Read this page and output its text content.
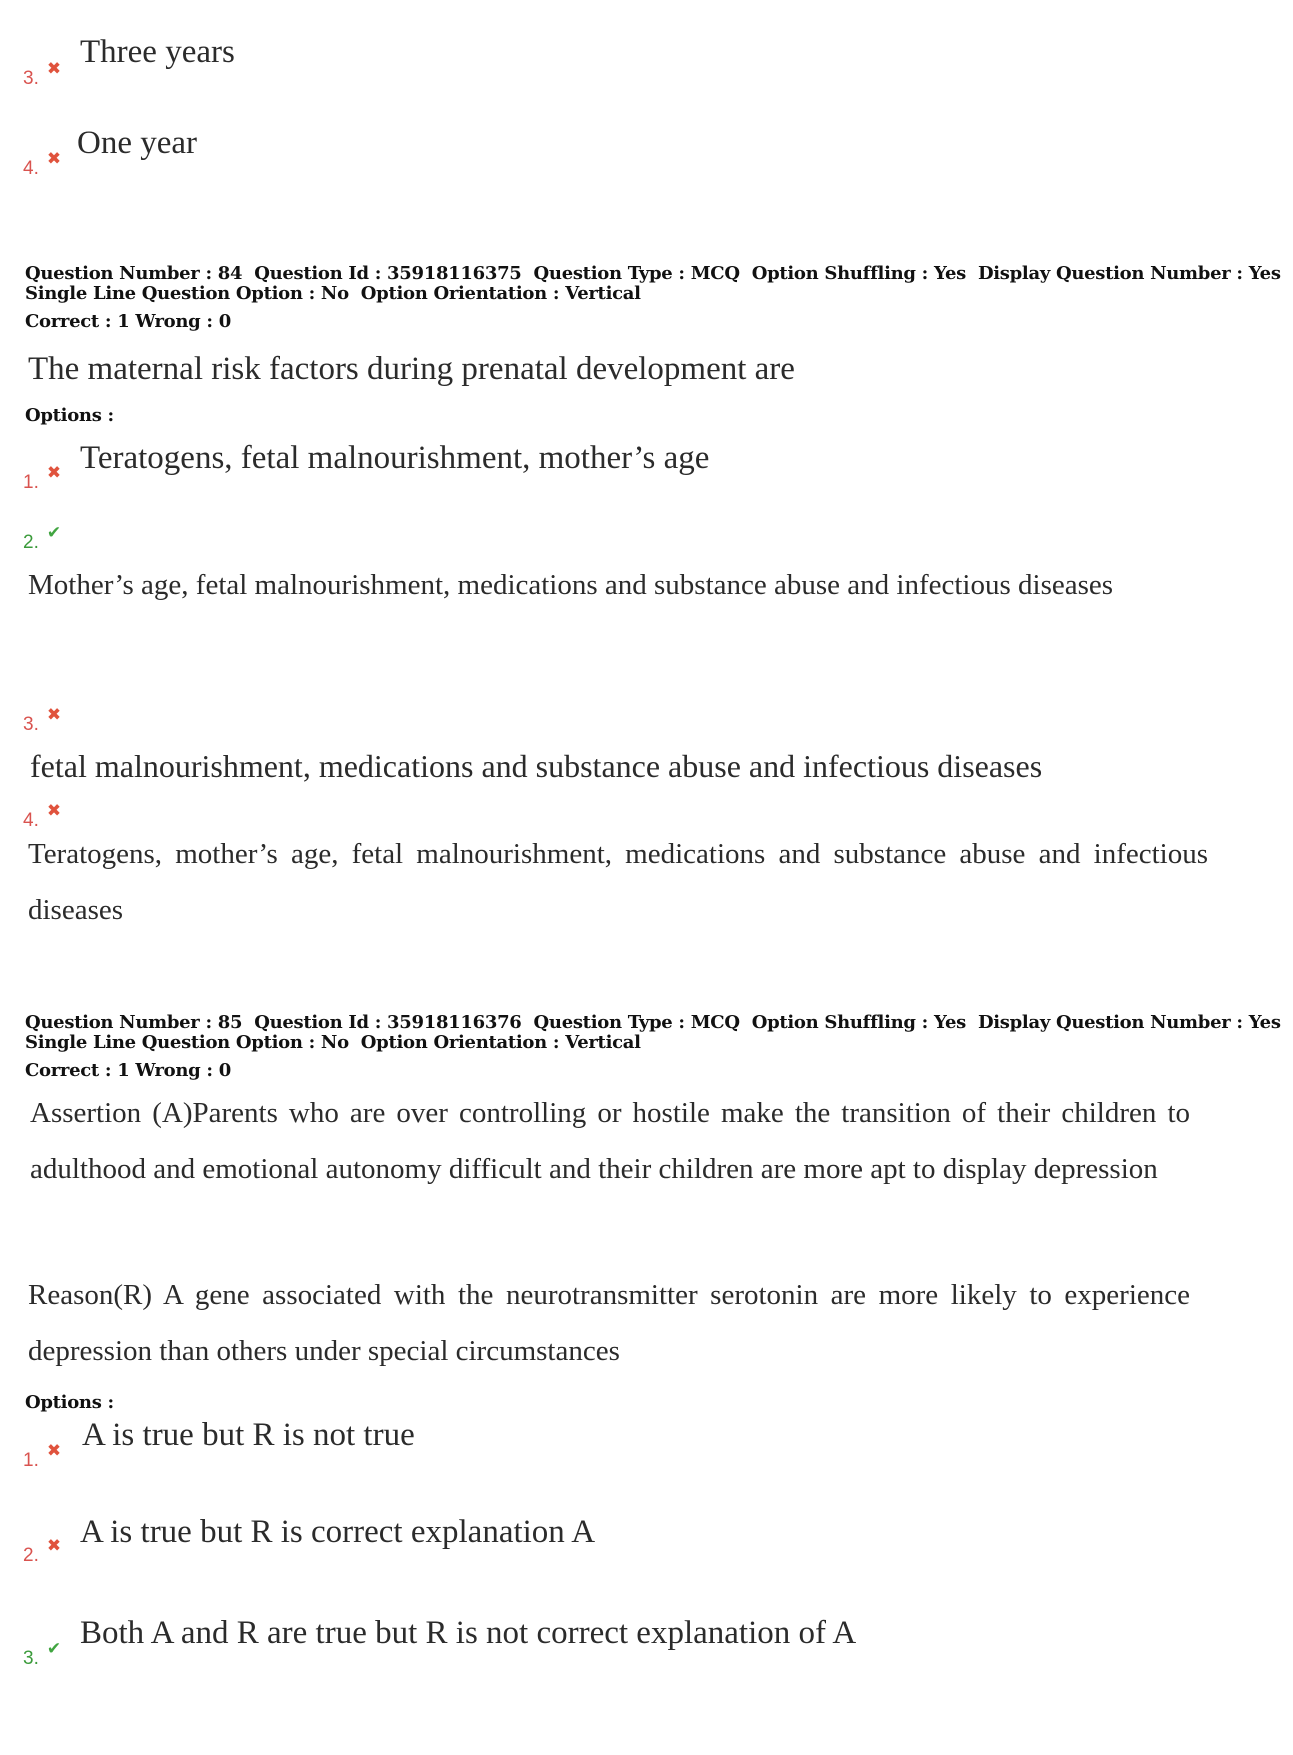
3. ✖ Three years
4. ✖ One year
Question Number : 84 Question Id : 35918116375 Question Type : MCQ Option Shuffling : Yes Display Question Number : Yes
Single Line Question Option : No Option Orientation : Vertical
Correct : 1 Wrong : 0
The maternal risk factors during prenatal development are
Options :
1. ✖ Teratogens, fetal malnourishment, mother’s age
2. ✔
Mother’s age, fetal malnourishment, medications and substance abuse and infectious diseases
3. ✖
fetal malnourishment, medications and substance abuse and infectious diseases
4. ✖
Teratogens, mother’s age, fetal malnourishment, medications and substance abuse and infectious diseases
Question Number : 85 Question Id : 35918116376 Question Type : MCQ Option Shuffling : Yes Display Question Number : Yes
Single Line Question Option : No Option Orientation : Vertical
Correct : 1 Wrong : 0
Assertion (A)Parents who are over controlling or hostile make the transition of their children to adulthood and emotional autonomy difficult and their children are more apt to display depression
Reason(R) A gene associated with the neurotransmitter serotonin are more likely to experience depression than others under special circumstances
Options :
1. ✖ A is true but R is not true
2. ✖ A is true but R is correct explanation A
3. ✔ Both A and R are true but R is not correct explanation of A
